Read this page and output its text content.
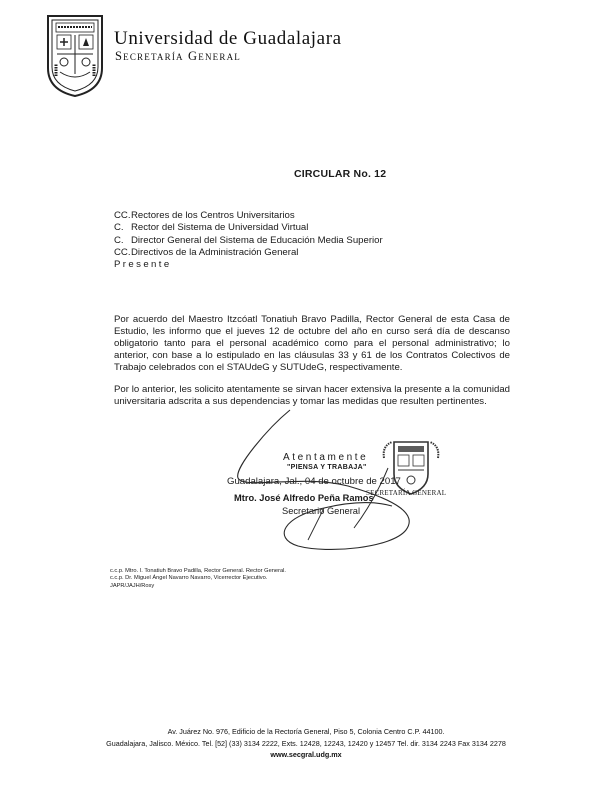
Universidad de Guadalajara
Secretaría General
CIRCULAR No. 12
CC.Rectores de los Centros Universitarios
C. Rector del Sistema de Universidad Virtual
C. Director General del Sistema de Educación Media Superior
CC.Directivos de la Administración General
Presente

Por acuerdo del Maestro Itzcóatl Tonatiuh Bravo Padilla, Rector General de esta Casa de Estudio, les informo que el jueves 12 de octubre del año en curso será día de descanso obligatorio tanto para el personal académico como para el personal administrativo; lo anterior, con base a lo estipulado en las cláusulas 33 y 61 de los Contratos Colectivos de Trabajo celebrados con el STAUdeG y SUTUdeG, respectivamente.

Por lo anterior, les solicito atentamente se sirvan hacer extensiva la presente a la comunidad universitaria adscrita a sus dependencias y tomar las medidas que resulten pertinentes.

SECRETARÍA GENERAL
Atentamente
"PIENSA Y TRABAJA"
Guadalajara, Jal., 04 de octubre de 2017
Mtro. José Alfredo Peña Ramos
Secretario General
c.c.p. Mtro. I. Tonatiuh Bravo Padilla, Rector General. Rector General.
c.c.p. Dr. Miguel Ángel Navarro Navarro, Vicerrector Ejecutivo.
JAPR/JAJH/Rosy
Av. Juárez No. 976, Edificio de la Rectoría General, Piso 5, Colonia Centro C.P. 44100.
Guadalajara, Jalisco. México. Tel. [52] (33) 3134 2222, Exts. 12428, 12243, 12420 y 12457 Tel. dir. 3134 2243 Fax 3134 2278
www.secgral.udg.mx
